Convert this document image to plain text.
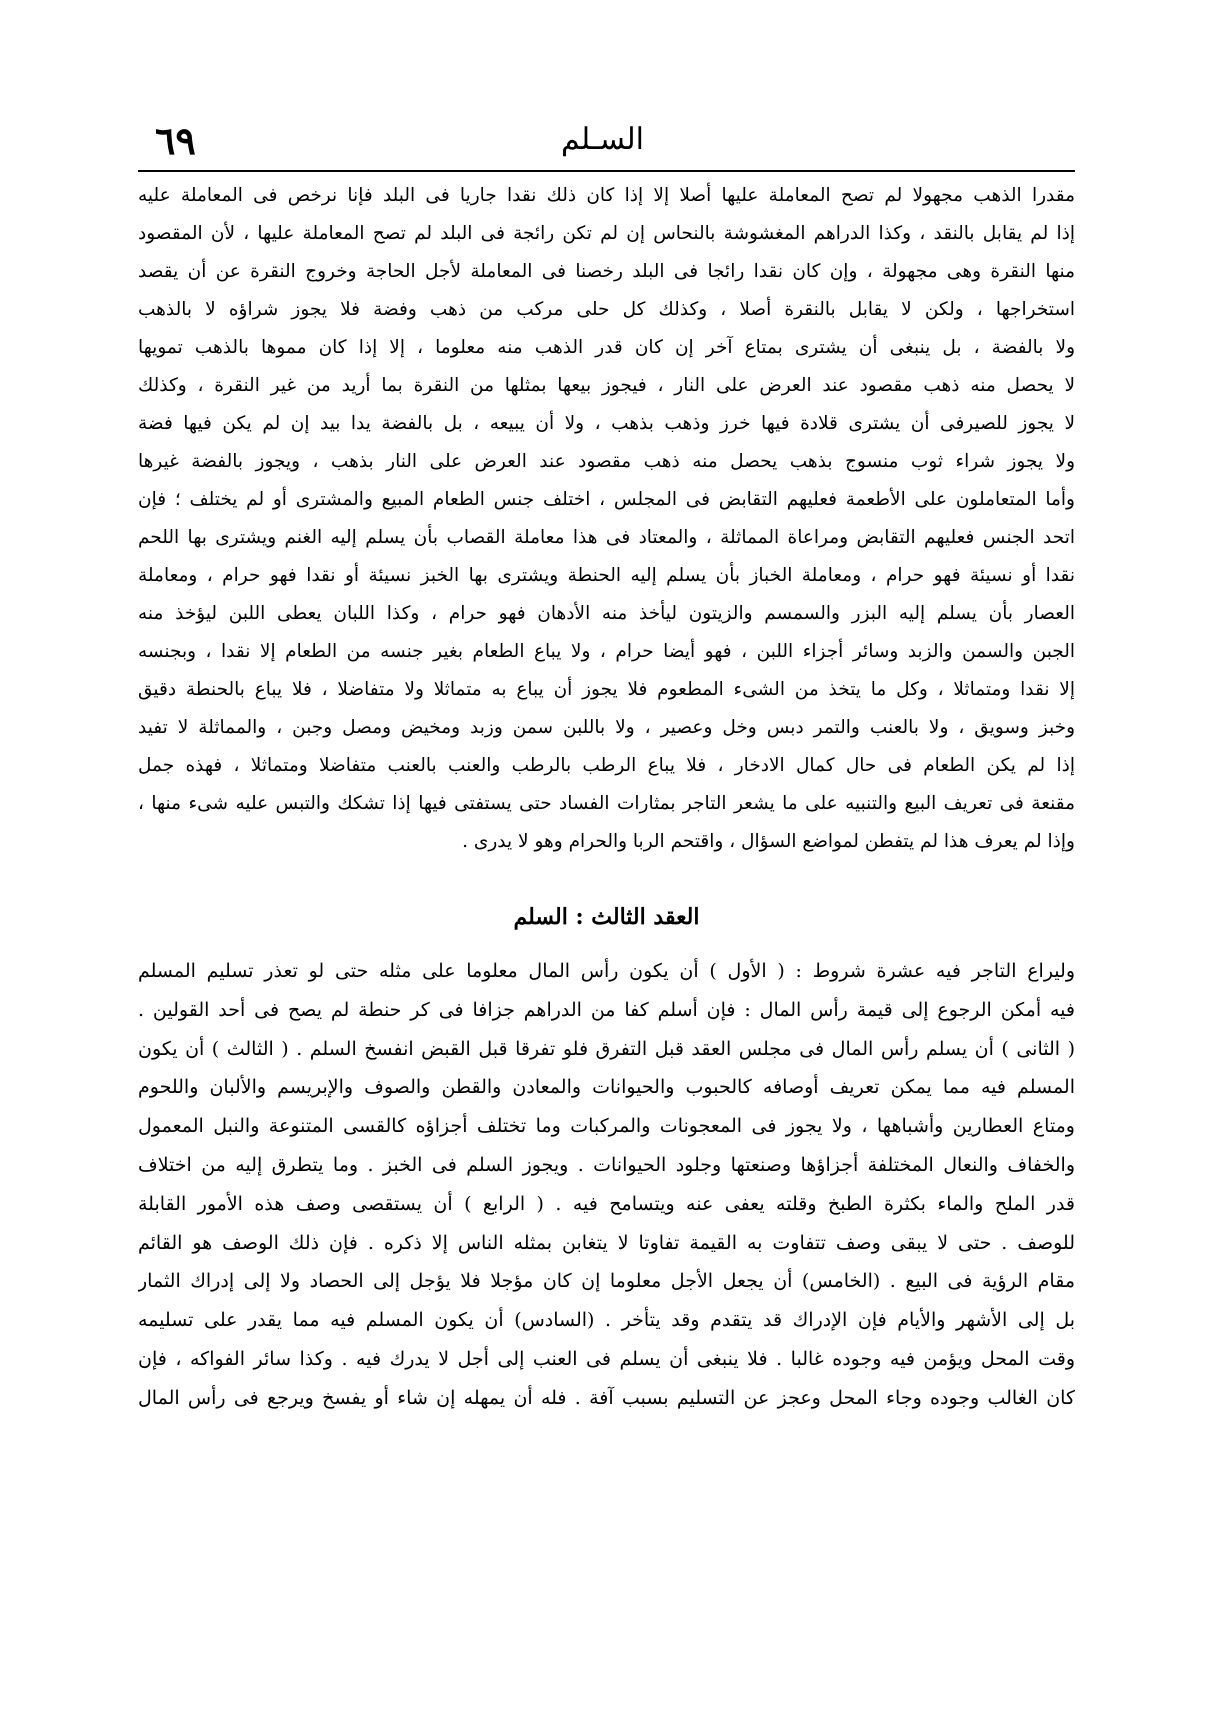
السـلم
٦٩
مقدرا الذهب مجهولا لم تصح المعاملة عليها أصلا إلا إذا كان ذلك نقدا جاريا فى البلد فإنا نرخص فى المعاملة عليه
إذا لم يقابل بالنقد ، وكذا الدراهم المغشوشة بالنحاس إن لم تكن رائجة فى البلد لم تصح المعاملة عليها ، لأن المقصود
منها النقرة وهى مجهولة ، وإن كان نقدا رائجا فى البلد رخصنا فى المعاملة لأجل الحاجة وخروج النقرة عن أن يقصد
استخراجها ، ولكن لا يقابل بالنقرة أصلا ، وكذلك كل حلى مركب من ذهب وفضة فلا يجوز شراؤه لا بالذهب
ولا بالفضة ، بل ينبغى أن يشترى بمتاع آخر إن كان قدر الذهب منه معلوما ، إلا إذا كان مموها بالذهب تمويها
لا يحصل منه ذهب مقصود عند العرض على النار ، فيجوز بيعها بمثلها من النقرة بما أريد من غير النقرة ، وكذلك
لا يجوز للصيرفى أن يشترى قلادة فيها خرز وذهب بذهب ، ولا أن يبيعه ، بل بالفضة يدا بيد إن لم يكن فيها فضة
ولا يجوز شراء ثوب منسوج بذهب يحصل منه ذهب مقصود عند العرض على النار بذهب ، ويجوز بالفضة غيرها
وأما المتعاملون على الأطعمة فعليهم التقابض فى المجلس ، اختلف جنس الطعام المبيع والمشترى أو لم يختلف ؛ فإن
اتحد الجنس فعليهم التقابض ومراعاة المماثلة ، والمعتاد فى هذا معاملة القصاب بأن يسلم إليه الغنم ويشترى بها اللحم
نقدا أو نسيئة فهو حرام ، ومعاملة الخباز بأن يسلم إليه الحنطة ويشترى بها الخبز نسيئة أو نقدا فهو حرام ، ومعاملة
العصار بأن يسلم إليه البزر والسمسم والزيتون ليأخذ منه الأدهان فهو حرام ، وكذا اللبان يعطى اللبن ليؤخذ منه
الجبن والسمن والزبد وسائر أجزاء اللبن ، فهو أيضا حرام ، ولا يباع الطعام بغير جنسه من الطعام إلا نقدا ، وبجنسه
إلا نقدا ومتماثلا ، وكل ما يتخذ من الشىء المطعوم فلا يجوز أن يباع به متماثلا ولا متفاضلا ، فلا يباع بالحنطة دقيق
وخبز وسويق ، ولا بالعنب والتمر دبس وخل وعصير ، ولا باللبن سمن وزبد ومخيض ومصل وجبن ، والمماثلة لا تفيد
إذا لم يكن الطعام فى حال كمال الادخار ، فلا يباع الرطب بالرطب والعنب بالعنب متفاضلا ومتماثلا ، فهذه جمل
مقنعة فى تعريف البيع والتنبيه على ما يشعر التاجر بمثارات الفساد حتى يستفتى فيها إذا تشكك والتبس عليه شىء منها ،
وإذا لم يعرف هذا لم يتفطن لمواضع السؤال ، واقتحم الربا والحرام وهو لا يدرى .
العقد الثالث : السلم
وليراع التاجر فيه عشرة شروط : ( الأول ) أن يكون رأس المال معلوما على مثله حتى لو تعذر تسليم المسلم
فيه أمكن الرجوع إلى قيمة رأس المال : فإن أسلم كفا من الدراهم جزافا فى كر حنطة لم يصح فى أحد القولين .
( الثانى ) أن يسلم رأس المال فى مجلس العقد قبل التفرق فلو تفرقا قبل القبض انفسخ السلم . ( الثالث ) أن يكون
المسلم فيه مما يمكن تعريف أوصافه كالحبوب والحيوانات والمعادن والقطن والصوف والإبريسم والألبان واللحوم
ومتاع العطارين وأشباهها ، ولا يجوز فى المعجونات والمركبات وما تختلف أجزاؤه كالقسى المتنوعة والنبل المعمول
والخفاف والنعال المختلفة أجزاؤها وصنعتها وجلود الحيوانات . ويجوز السلم فى الخبز . وما يتطرق إليه من اختلاف
قدر الملح والماء بكثرة الطبخ وقلته يعفى عنه ويتسامح فيه . ( الرابع ) أن يستقصى وصف هذه الأمور القابلة
للوصف . حتى لا يبقى وصف تتفاوت به القيمة تفاوتا لا يتغابن بمثله الناس إلا ذكره . فإن ذلك الوصف هو القائم
مقام الرؤية فى البيع . (الخامس) أن يجعل الأجل معلوما إن كان مؤجلا فلا يؤجل إلى الحصاد ولا إلى إدراك الثمار
بل إلى الأشهر والأيام فإن الإدراك قد يتقدم وقد يتأخر . (السادس) أن يكون المسلم فيه مما يقدر على تسليمه
وقت المحل ويؤمن فيه وجوده غالبا . فلا ينبغى أن يسلم فى العنب إلى أجل لا يدرك فيه . وكذا سائر الفواكه ، فإن
كان الغالب وجوده وجاء المحل وعجز عن التسليم بسبب آفة . فله أن يمهله إن شاء أو يفسخ ويرجع فى رأس المال
